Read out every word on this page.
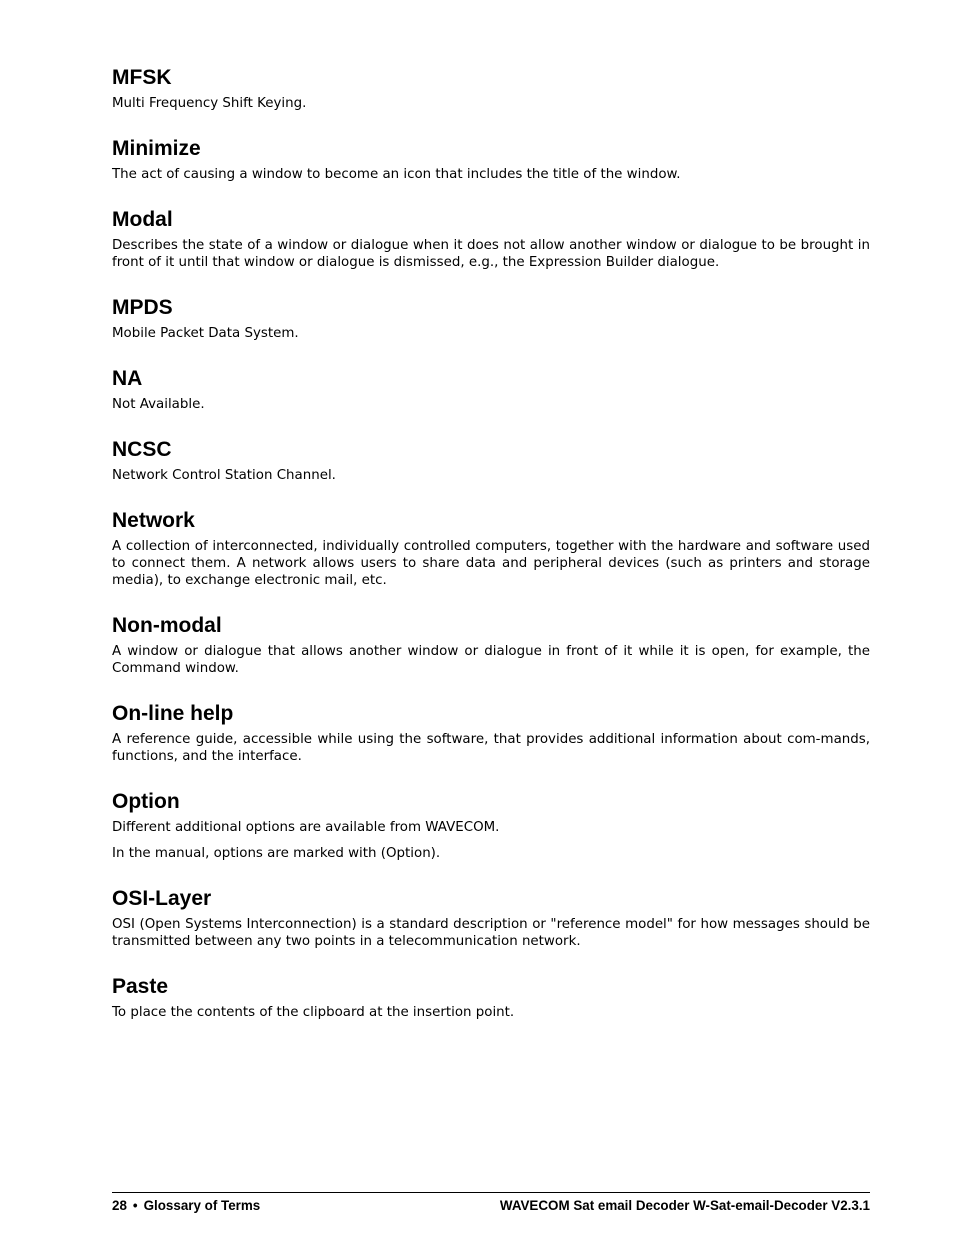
MFSK

Multi Frequency Shift Keying.

Minimize

The act of causing a window to become an icon that includes the title of the window.

Modal

Describes the state of a window or dialogue when it does not allow another window or dialogue to be brought in front of it until that window or dialogue is dismissed, e.g., the Expression Builder dialogue.

MPDS

Mobile Packet Data System.

NA

Not Available.

NCSC

Network Control Station Channel.

Network

A collection of interconnected, individually controlled computers, together with the hardware and software used to connect them. A network allows users to share data and peripheral devices (such as printers and storage media), to exchange electronic mail, etc.

Non-modal

A window or dialogue that allows another window or dialogue in front of it while it is open, for example, the Command window.

On-line help

A reference guide, accessible while using the software, that provides additional information about com-mands, functions, and the interface.

Option

Different additional options are available from WAVECOM.

In the manual, options are marked with (Option).

OSI-Layer

OSI (Open Systems Interconnection) is a standard description or "reference model" for how messages should be transmitted between any two points in a telecommunication network.

Paste

To place the contents of the clipboard at the insertion point.

28 • Glossary of Terms	WAVECOM Sat email Decoder W-Sat-email-Decoder V2.3.1
